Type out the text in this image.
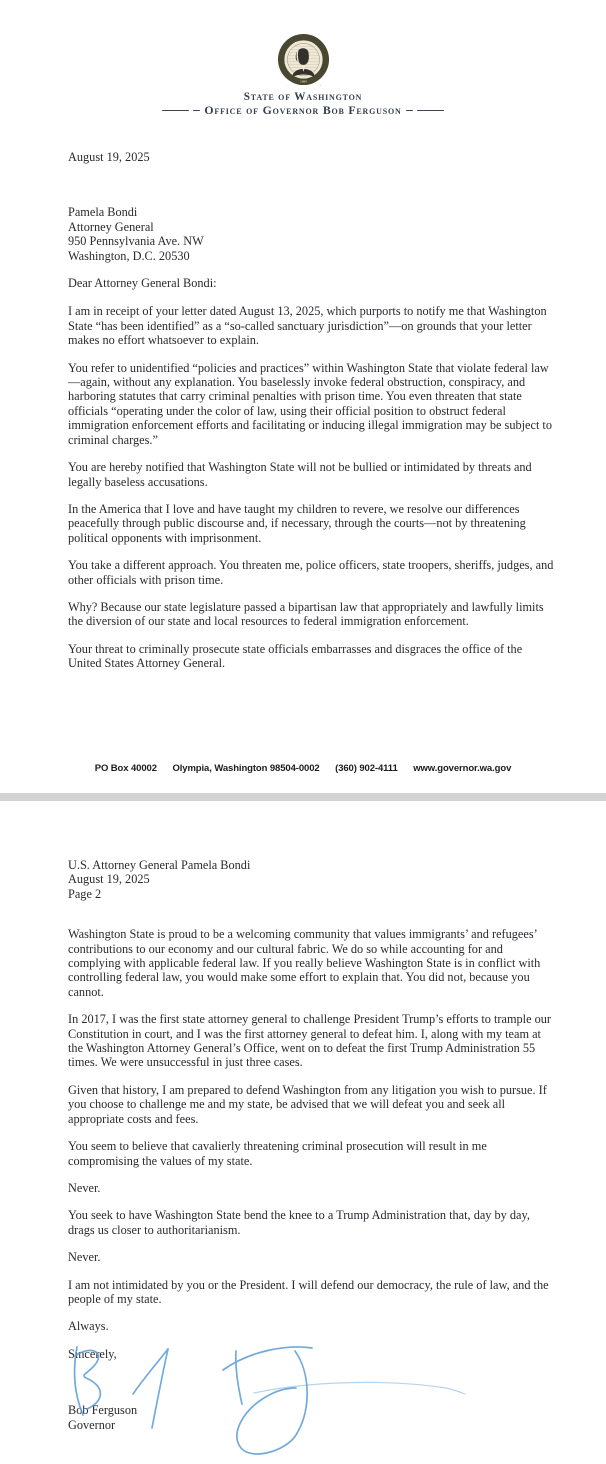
1889
State of Washington
Office of Governor Bob Ferguson

August 19, 2025

Pamela Bondi

Attorney General

950 Pennsylvania Ave. NW

Washington, D.C. 20530

Dear Attorney General Bondi:

I am in receipt of your letter dated August 13, 2025, which purports to notify me that Washington State “has been identified” as a “so-called sanctuary jurisdiction”—on grounds that your letter makes no effort whatsoever to explain.

You refer to unidentified “policies and practices” within Washington State that violate federal law—again, without any explanation. You baselessly invoke federal obstruction, conspiracy, and harboring statutes that carry criminal penalties with prison time. You even threaten that state officials “operating under the color of law, using their official position to obstruct federal immigration enforcement efforts and facilitating or inducing illegal immigration may be subject to criminal charges.”

You are hereby notified that Washington State will not be bullied or intimidated by threats and legally baseless accusations.

In the America that I love and have taught my children to revere, we resolve our differences peacefully through public discourse and, if necessary, through the courts—not by threatening political opponents with imprisonment.

You take a different approach. You threaten me, police officers, state troopers, sheriffs, judges, and other officials with prison time.

Why? Because our state legislature passed a bipartisan law that appropriately and lawfully limits the diversion of our state and local resources to federal immigration enforcement.

Your threat to criminally prosecute state officials embarrasses and disgraces the office of the United States Attorney General.

PO Box 40002 Olympia, Washington 98504-0002 (360) 902-4111 www.governor.wa.gov

U.S. Attorney General Pamela Bondi

August 19, 2025

Page 2

Washington State is proud to be a welcoming community that values immigrants’ and refugees’ contributions to our economy and our cultural fabric. We do so while accounting for and complying with applicable federal law. If you really believe Washington State is in conflict with controlling federal law, you would make some effort to explain that. You did not, because you cannot.

In 2017, I was the first state attorney general to challenge President Trump’s efforts to trample our Constitution in court, and I was the first attorney general to defeat him. I, along with my team at the Washington Attorney General’s Office, went on to defeat the first Trump Administration 55 times. We were unsuccessful in just three cases.

Given that history, I am prepared to defend Washington from any litigation you wish to pursue. If you choose to challenge me and my state, be advised that we will defeat you and seek all appropriate costs and fees.

You seem to believe that cavalierly threatening criminal prosecution will result in me compromising the values of my state.

Never.

You seek to have Washington State bend the knee to a Trump Administration that, day by day, drags us closer to authoritarianism.

Never.

I am not intimidated by you or the President. I will defend our democracy, the rule of law, and the people of my state.

Always.

Sincerely,

Bob Ferguson
Governor
